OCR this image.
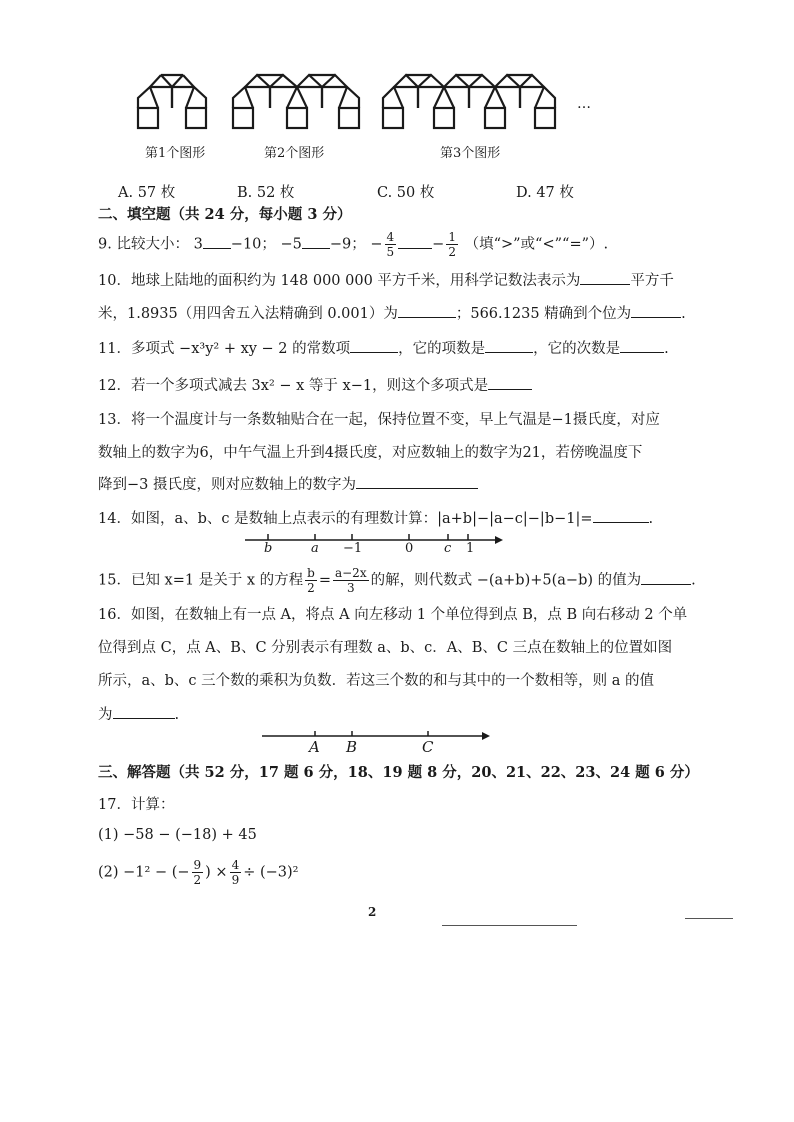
…
第1个图形	第2个图形	第3个图形
A. 57 枚	B. 52 枚	C. 50 枚	D. 47 枚
二、填空题（共 24 分，每小题 3 分）
9. 比较大小： 3 −10； −5 −9； − $\frac{4}{5} - \frac{1}{2}$ （填“>”或“<”“=”）.
10．地球上陆地的面积约为 148 000 000 平方千米，用科学记数法表示为	平方千
米，1.8935（用四舍五入法精确到 0.001）为	；566.1235 精确到个位为	.
11．多项式 −x³y² + xy − 2 的常数项	，它的项数是	，它的次数是	.
12．若一个多项式减去 3x² − x 等于 x−1，则这个多项式是
13．将一个温度计与一条数轴贴合在一起，保持位置不变，早上气温是−1摄氏度，对应
数轴上的数字为6，中午气温上升到4摄氏度，对应数轴上的数字为21，若傍晚温度下
降到−3 摄氏度，则对应数轴上的数字为
14．如图，a、b、c 是数轴上点表示的有理数计算：|a+b|−|a−c|−|b−1|=	.
b	a −1	0 c 1
15．已知 x=1 是关于 x 的方程 $\frac{b}{2} = \frac{a-2x}{3}$ 的解，则代数式 −(a+b)+5(a−b) 的值为	.
16．如图，在数轴上有一点 A，将点 A 向左移动 1 个单位得到点 B，点 B 向右移动 2 个单
位得到点 C，点 A、B、C 分别表示有理数 a、b、c．A、B、C 三点在数轴上的位置如图
所示，a、b、c 三个数的乘积为负数．若这三个数的和与其中的一个数相等，则 a 的值
为	.
A B	C
三、解答题（共 52 分，17 题 6 分，18、19 题 8 分，20、21、22、23、24 题 6 分）
17．计算：
(1) −58 − (−18) + 45
(2) −1² − (− $\frac{9}{2}$ ) × $\frac{4}{9} \div (-3)^2$
2
